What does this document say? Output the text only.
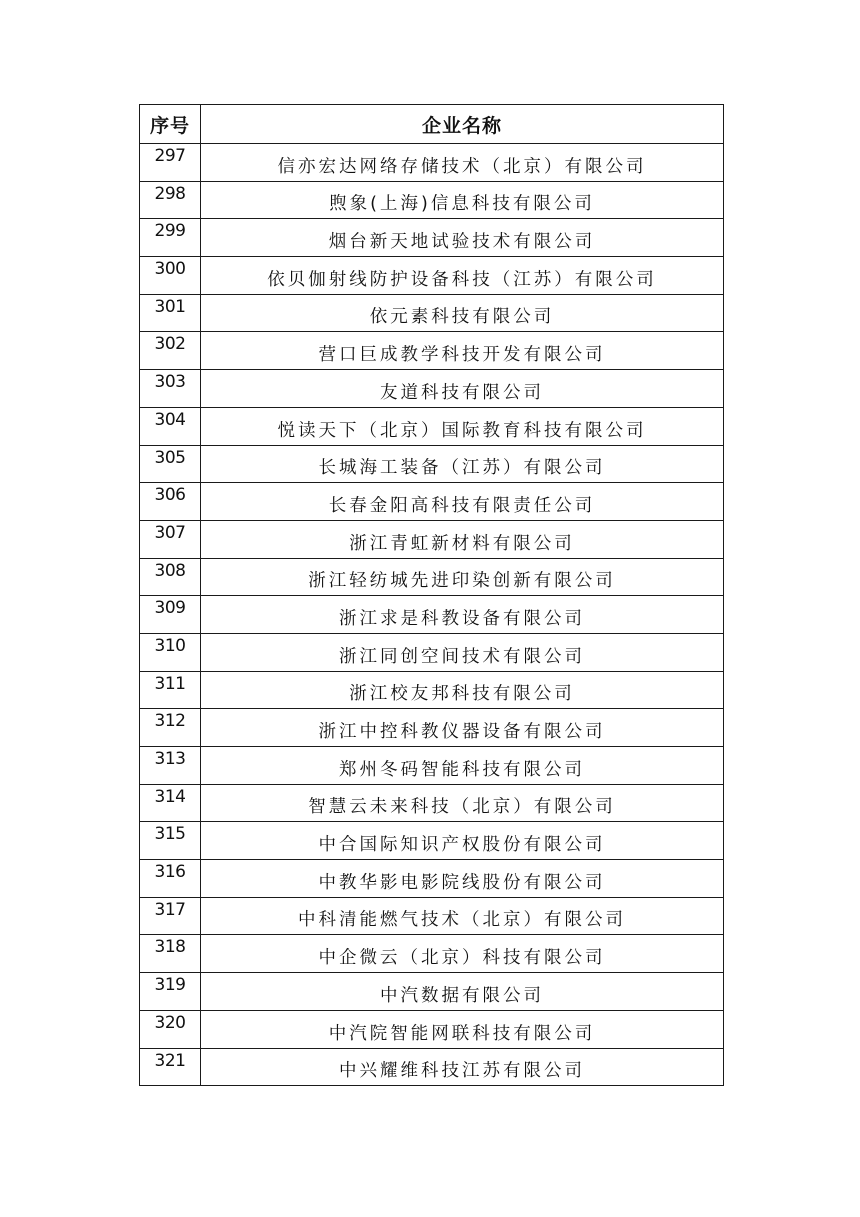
序号	企业名称
297	信亦宏达网络存储技术（北京）有限公司
298	煦象(上海)信息科技有限公司
299	烟台新天地试验技术有限公司
300	依贝伽射线防护设备科技（江苏）有限公司
301	依元素科技有限公司
302	营口巨成教学科技开发有限公司
303	友道科技有限公司
304	悦读天下（北京）国际教育科技有限公司
305	长城海工装备（江苏）有限公司
306	长春金阳高科技有限责任公司
307	浙江青虹新材料有限公司
308	浙江轻纺城先进印染创新有限公司
309	浙江求是科教设备有限公司
310	浙江同创空间技术有限公司
311	浙江校友邦科技有限公司
312	浙江中控科教仪器设备有限公司
313	郑州冬码智能科技有限公司
314	智慧云未来科技（北京）有限公司
315	中合国际知识产权股份有限公司
316	中教华影电影院线股份有限公司
317	中科清能燃气技术（北京）有限公司
318	中企微云（北京）科技有限公司
319	中汽数据有限公司
320	中汽院智能网联科技有限公司
321	中兴耀维科技江苏有限公司
